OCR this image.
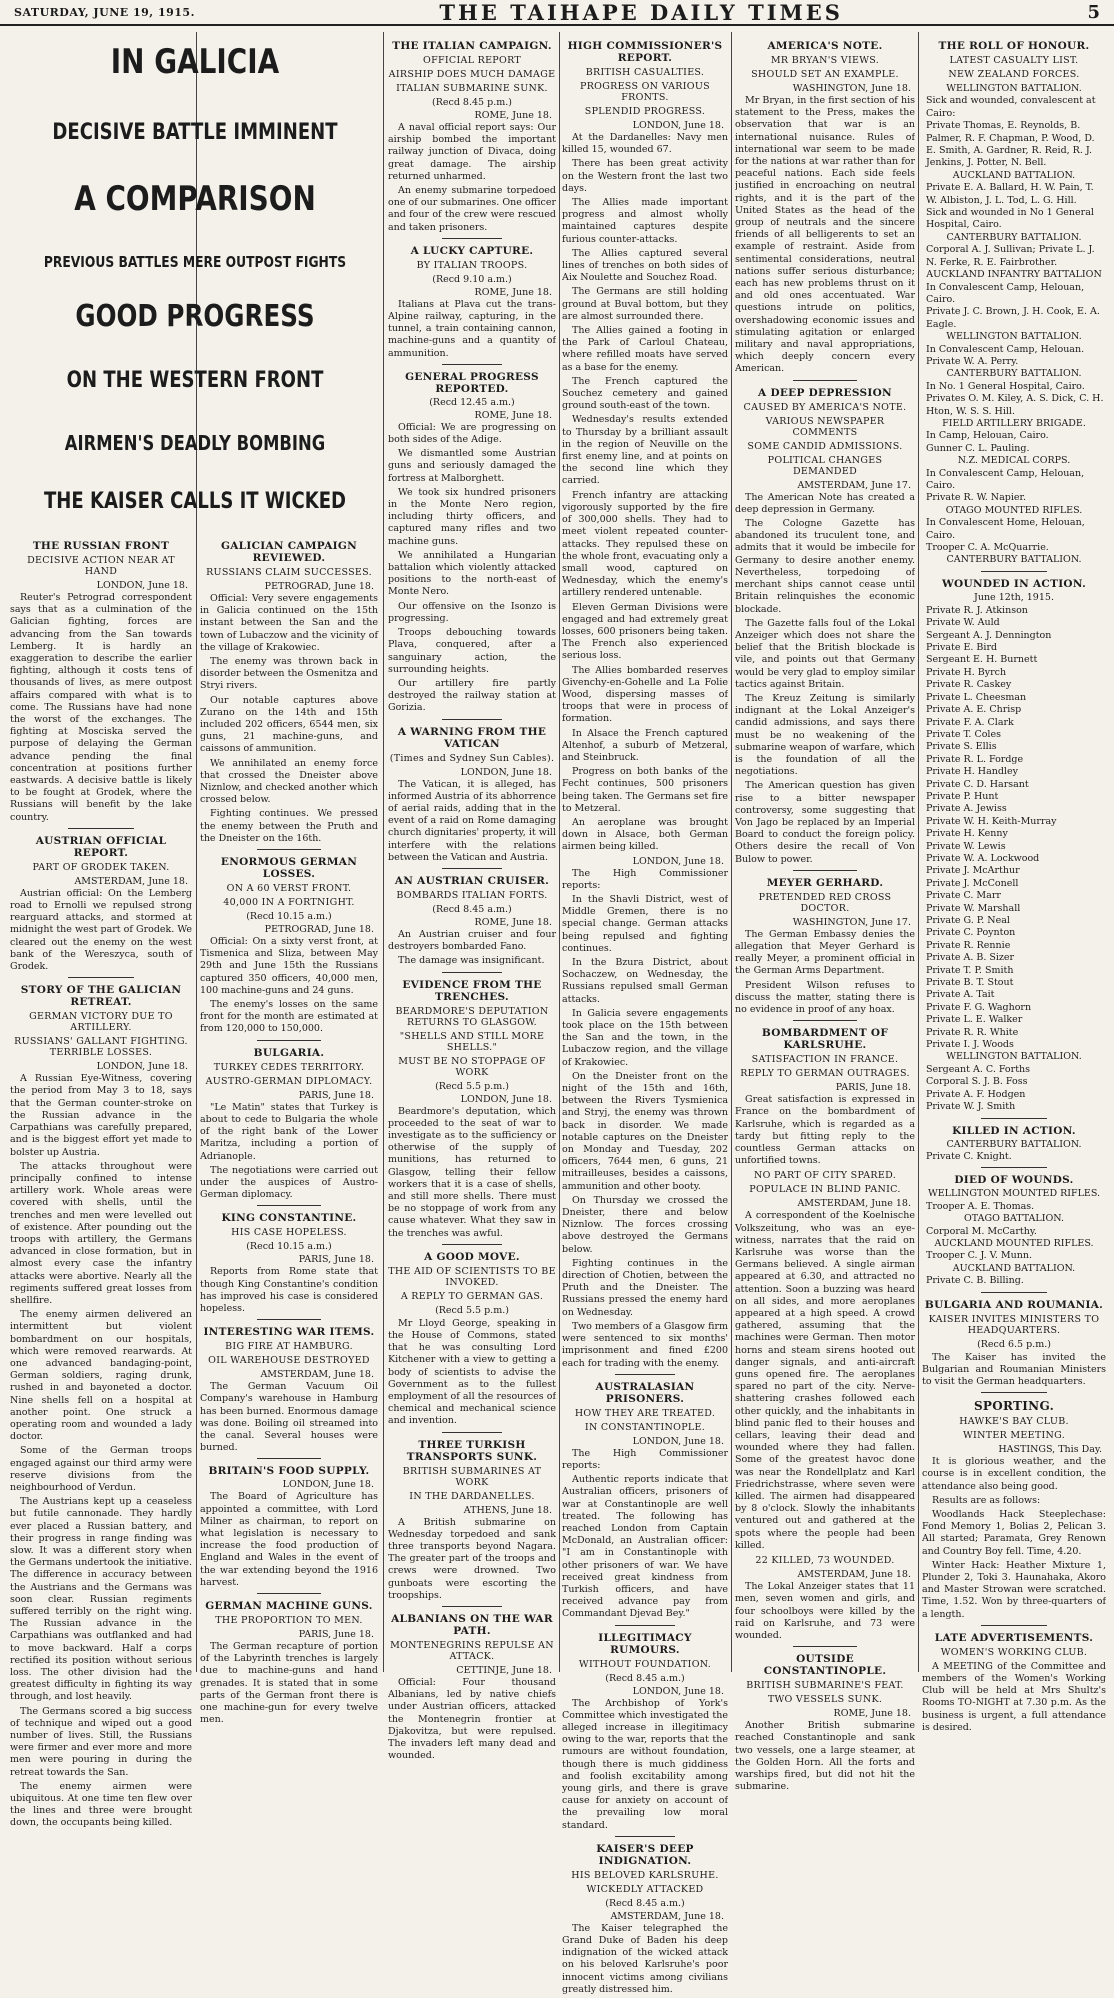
SATURDAY, JUNE 19, 1915.	THE TAIHAPE DAILY TIMES	5
IN GALICIA
DECISIVE BATTLE IMMINENT
A COMPARISON
PREVIOUS BATTLES MERE OUTPOST FIGHTS
GOOD PROGRESS
ON THE WESTERN FRONT
AIRMEN'S DEADLY BOMBING
THE KAISER CALLS IT WICKED
THE RUSSIAN FRONT
DECISIVE ACTION NEAR AT HAND
LONDON, June 18.

Reuter's Petrograd correspondent says that as a culmination of the Galician fighting, forces are advancing from the San towards Lemberg. It is hardly an exaggeration to describe the earlier fighting, although it costs tens of thousands of lives, as mere outpost affairs compared with what is to come. The Russians have had none the worst of the exchanges. The fighting at Mosciska served the purpose of delaying the German advance pending the final concentration at positions further eastwards. A decisive battle is likely to be fought at Grodek, where the Russians will benefit by the lake country.

AUSTRIAN OFFICIAL REPORT.
PART OF GRODEK TAKEN.
AMSTERDAM, June 18.

Austrian official: On the Lemberg road to Ernolli we repulsed strong rearguard attacks, and stormed at midnight the west part of Grodek. We cleared out the enemy on the west bank of the Wereszyca, south of Grodek.

STORY OF THE GALICIAN RETREAT.
GERMAN VICTORY DUE TO ARTILLERY.
RUSSIANS' GALLANT FIGHTING. TERRIBLE LOSSES.
LONDON, June 18.

A Russian Eye-Witness, covering the period from May 3 to 18, says that the German counter-stroke on the Russian advance in the Carpathians was carefully prepared, and is the biggest effort yet made to bolster up Austria.

The attacks throughout were principally confined to intense artillery work. Whole areas were covered with shells, until the trenches and men were levelled out of existence. After pounding out the troops with artillery, the Germans advanced in close formation, but in almost every case the infantry attacks were abortive. Nearly all the regiments suffered great losses from shellfire.

The enemy airmen delivered an intermittent but violent bombardment on our hospitals, which were removed rearwards. At one advanced bandaging-point, German soldiers, raging drunk, rushed in and bayoneted a doctor. Nine shells fell on a hospital at another point. One struck a operating room and wounded a lady doctor.

Some of the German troops engaged against our third army were reserve divisions from the neighbourhood of Verdun.

The Austrians kept up a ceaseless but futile cannonade. They hardly ever placed a Russian battery, and their progress in range finding was slow. It was a different story when the Germans undertook the initiative. The difference in accuracy between the Austrians and the Germans was soon clear. Russian regiments suffered terribly on the right wing. The Russian advance in the Carpathians was outflanked and had to move backward. Half a corps rectified its position without serious loss. The other division had the greatest difficulty in fighting its way through, and lost heavily.

The Germans scored a big success of technique and wiped out a good number of lives. Still, the Russians were firmer and ever more and more men were pouring in during the retreat towards the San.

The enemy airmen were ubiquitous. At one time ten flew over the lines and three were brought down, the occupants being killed.

GALICIAN CAMPAIGN REVIEWED.
RUSSIANS CLAIM SUCCESSES.
PETROGRAD, June 18.

Official: Very severe engagements in Galicia continued on the 15th instant between the San and the town of Lubaczow and the vicinity of the village of Krakowiec.

The enemy was thrown back in disorder between the Osmenitza and Stryi rivers.

Our notable captures above Zurano on the 14th and 15th included 202 officers, 6544 men, six guns, 21 machine-guns, and caissons of ammunition.

We annihilated an enemy force that crossed the Dneister above Niznlow, and checked another which crossed below.

Fighting continues. We pressed the enemy between the Pruth and the Dneister on the 16th.

ENORMOUS GERMAN LOSSES.
ON A 60 VERST FRONT.
40,000 IN A FORTNIGHT.
(Recd 10.15 a.m.)
PETROGRAD, June 18.

Official: On a sixty verst front, at Tismenica and Sliza, between May 29th and June 15th the Russians captured 350 officers, 40,000 men, 100 machine-guns and 24 guns.

The enemy's losses on the same front for the month are estimated at from 120,000 to 150,000.

BULGARIA.
TURKEY CEDES TERRITORY.
AUSTRO-GERMAN DIPLOMACY.
PARIS, June 18.

"Le Matin" states that Turkey is about to cede to Bulgaria the whole of the right bank of the Lower Maritza, including a portion of Adrianople.

The negotiations were carried out under the auspices of Austro-German diplomacy.

KING CONSTANTINE.
HIS CASE HOPELESS.
(Recd 10.15 a.m.)
PARIS, June 18.

Reports from Rome state that though King Constantine's condition has improved his case is considered hopeless.

INTERESTING WAR ITEMS.
BIG FIRE AT HAMBURG.
OIL WAREHOUSE DESTROYED
AMSTERDAM, June 18.

The German Vacuum Oil Company's warehouse in Hamburg has been burned. Enormous damage was done. Boiling oil streamed into the canal. Several houses were burned.

BRITAIN'S FOOD SUPPLY.
LONDON, June 18.

The Board of Agriculture has appointed a committee, with Lord Milner as chairman, to report on what legislation is necessary to increase the food production of England and Wales in the event of the war extending beyond the 1916 harvest.

GERMAN MACHINE GUNS.
THE PROPORTION TO MEN.
PARIS, June 18.

The German recapture of portion of the Labyrinth trenches is largely due to machine-guns and hand grenades. It is stated that in some parts of the German front there is one machine-gun for every twelve men.

THE ITALIAN CAMPAIGN.
OFFICIAL REPORT
AIRSHIP DOES MUCH DAMAGE
ITALIAN SUBMARINE SUNK.
(Recd 8.45 p.m.)
ROME, June 18.

A naval official report says: Our airship bombed the important railway junction of Divaca, doing great damage. The airship returned unharmed.

An enemy submarine torpedoed one of our submarines. One officer and four of the crew were rescued and taken prisoners.

A LUCKY CAPTURE.
BY ITALIAN TROOPS.
(Recd 9.10 a.m.)
ROME, June 18.

Italians at Plava cut the trans-Alpine railway, capturing, in the tunnel, a train containing cannon, machine-guns and a quantity of ammunition.

GENERAL PROGRESS REPORTED.
(Recd 12.45 a.m.)
ROME, June 18.

Official: We are progressing on both sides of the Adige.

We dismantled some Austrian guns and seriously damaged the fortress at Malborghett.

We took six hundred prisoners in the Monte Nero region, including thirty officers, and captured many rifles and two machine guns.

We annihilated a Hungarian battalion which violently attacked positions to the north-east of Monte Nero.

Our offensive on the Isonzo is progressing.

Troops debouching towards Plava, conquered, after a sanguinary action, the surrounding heights.

Our artillery fire partly destroyed the railway station at Gorizia.

A WARNING FROM THE VATICAN
(Times and Sydney Sun Cables).
LONDON, June 18.

The Vatican, it is alleged, has informed Austria of its abhorrence of aerial raids, adding that in the event of a raid on Rome damaging church dignitaries' property, it will interfere with the relations between the Vatican and Austria.

AN AUSTRIAN CRUISER.
BOMBARDS ITALIAN FORTS.
(Recd 8.45 a.m.)
ROME, June 18.

An Austrian cruiser and four destroyers bombarded Fano.

The damage was insignificant.

EVIDENCE FROM THE TRENCHES.
BEARDMORE'S DEPUTATION RETURNS TO GLASGOW.
"SHELLS AND STILL MORE SHELLS."
MUST BE NO STOPPAGE OF WORK
(Recd 5.5 p.m.)
LONDON, June 18.

Beardmore's deputation, which proceeded to the seat of war to investigate as to the sufficiency or otherwise of the supply of munitions, has returned to Glasgow, telling their fellow workers that it is a case of shells, and still more shells. There must be no stoppage of work from any cause whatever. What they saw in the trenches was awful.

A GOOD MOVE.
THE AID OF SCIENTISTS TO BE INVOKED.
A REPLY TO GERMAN GAS.
(Recd 5.5 p.m.)

Mr Lloyd George, speaking in the House of Commons, stated that he was consulting Lord Kitchener with a view to getting a body of scientists to advise the Government as to the fullest employment of all the resources of chemical and mechanical science and invention.

THREE TURKISH TRANSPORTS SUNK.
BRITISH SUBMARINES AT WORK
IN THE DARDANELLES.
ATHENS, June 18.

A British submarine on Wednesday torpedoed and sank three transports beyond Nagara. The greater part of the troops and crews were drowned. Two gunboats were escorting the troopships.

ALBANIANS ON THE WAR PATH.
MONTENEGRINS REPULSE AN ATTACK.
CETTINJE, June 18.

Official: Four thousand Albanians, led by native chiefs under Austrian officers, attacked the Montenegrin frontier at Djakovitza, but were repulsed. The invaders left many dead and wounded.

HIGH COMMISSIONER'S REPORT.
BRITISH CASUALTIES.
PROGRESS ON VARIOUS FRONTS.
SPLENDID PROGRESS.
LONDON, June 18.

At the Dardanelles: Navy men killed 15, wounded 67.

There has been great activity on the Western front the last two days.

The Allies made important progress and almost wholly maintained captures despite furious counter-attacks.

The Allies captured several lines of trenches on both sides of Aix Noulette and Souchez Road.

The Germans are still holding ground at Buval bottom, but they are almost surrounded there.

The Allies gained a footing in the Park of Carloul Chateau, where refilled moats have served as a base for the enemy.

The French captured the Souchez cemetery and gained ground south-east of the town.

Wednesday's results extended to Thursday by a brilliant assault in the region of Neuville on the first enemy line, and at points on the second line which they carried.

French infantry are attacking vigorously supported by the fire of 300,000 shells. They had to meet violent repeated counter-attacks. They repulsed these on the whole front, evacuating only a small wood, captured on Wednesday, which the enemy's artillery rendered untenable.

Eleven German Divisions were engaged and had extremely great losses, 600 prisoners being taken. The French also experienced serious loss.

The Allies bombarded reserves Givenchy-en-Gohelle and La Folie Wood, dispersing masses of troops that were in process of formation.

In Alsace the French captured Altenhof, a suburb of Metzeral, and Steinbruck.

Progress on both banks of the Fecht continues, 500 prisoners being taken. The Germans set fire to Metzeral.

An aeroplane was brought down in Alsace, both German airmen being killed.

LONDON, June 18.

The High Commissioner reports:

In the Shavli District, west of Middle Gremen, there is no special change. German attacks being repulsed and fighting continues.

In the Bzura District, about Sochaczew, on Wednesday, the Russians repulsed small German attacks.

In Galicia severe engagements took place on the 15th between the San and the town, in the Lubaczow region, and the village of Krakowiec.

On the Dneister front on the night of the 15th and 16th, between the Rivers Tysmienica and Stryj, the enemy was thrown back in disorder. We made notable captures on the Dneister on Monday and Tuesday, 202 officers, 7644 men, 6 guns, 21 mitrailleuses, besides a caissons, ammunition and other booty.

On Thursday we crossed the Dneister, there and below Niznlow. The forces crossing above destroyed the Germans below.

Fighting continues in the direction of Chotien, between the Pruth and the Dneister. The Russians pressed the enemy hard on Wednesday.

Two members of a Glasgow firm were sentenced to six months' imprisonment and fined £200 each for trading with the enemy.

AUSTRALASIAN PRISONERS.
HOW THEY ARE TREATED.
IN CONSTANTINOPLE.
LONDON, June 18.

The High Commissioner reports:

Authentic reports indicate that Australian officers, prisoners of war at Constantinople are well treated. The following has reached London from Captain McDonald, an Australian officer: "I am in Constantinople with other prisoners of war. We have received great kindness from Turkish officers, and have received advance pay from Commandant Djevad Bey."

ILLEGITIMACY RUMOURS.
WITHOUT FOUNDATION.
(Recd 8.45 a.m.)
LONDON, June 18.

The Archbishop of York's Committee which investigated the alleged increase in illegitimacy owing to the war, reports that the rumours are without foundation, though there is much giddiness and foolish excitability among young girls, and there is grave cause for anxiety on account of the prevailing low moral standard.

KAISER'S DEEP INDIGNATION.
HIS BELOVED KARLSRUHE.
WICKEDLY ATTACKED
(Recd 8.45 a.m.)
AMSTERDAM, June 18.

The Kaiser telegraphed the Grand Duke of Baden his deep indignation of the wicked attack on his beloved Karlsruhe's poor innocent victims among civilians greatly distressed him.

AMERICA'S NOTE.
MR BRYAN'S VIEWS.
SHOULD SET AN EXAMPLE.
WASHINGTON, June 18.

Mr Bryan, in the first section of his statement to the Press, makes the observation that war is an international nuisance. Rules of international war seem to be made for the nations at war rather than for peaceful nations. Each side feels justified in encroaching on neutral rights, and it is the part of the United States as the head of the group of neutrals and the sincere friends of all belligerents to set an example of restraint. Aside from sentimental considerations, neutral nations suffer serious disturbance; each has new problems thrust on it and old ones accentuated. War questions intrude on politics, overshadowing economic issues and stimulating agitation or enlarged military and naval appropriations, which deeply concern every American.

A DEEP DEPRESSION
CAUSED BY AMERICA'S NOTE.
VARIOUS NEWSPAPER COMMENTS
SOME CANDID ADMISSIONS.
POLITICAL CHANGES DEMANDED
AMSTERDAM, June 17.

The American Note has created a deep depression in Germany.

The Cologne Gazette has abandoned its truculent tone, and admits that it would be imbecile for Germany to desire another enemy. Nevertheless, torpedoing of merchant ships cannot cease until Britain relinquishes the economic blockade.

The Gazette falls foul of the Lokal Anzeiger which does not share the belief that the British blockade is vile, and points out that Germany would be very glad to employ similar tactics against Britain.

The Kreuz Zeitung is similarly indignant at the Lokal Anzeiger's candid admissions, and says there must be no weakening of the submarine weapon of warfare, which is the foundation of all the negotiations.

The American question has given rise to a bitter newspaper controversy, some suggesting that Von Jago be replaced by an Imperial Board to conduct the foreign policy. Others desire the recall of Von Bulow to power.

MEYER GERHARD.
PRETENDED RED CROSS DOCTOR.
WASHINGTON, June 17.

The German Embassy denies the allegation that Meyer Gerhard is really Meyer, a prominent official in the German Arms Department.

President Wilson refuses to discuss the matter, stating there is no evidence in proof of any hoax.

BOMBARDMENT OF KARLSRUHE.
SATISFACTION IN FRANCE.
REPLY TO GERMAN OUTRAGES.
PARIS, June 18.

Great satisfaction is expressed in France on the bombardment of Karlsruhe, which is regarded as a tardy but fitting reply to the countless German attacks on unfortified towns.

NO PART OF CITY SPARED.
POPULACE IN BLIND PANIC.
AMSTERDAM, June 18.

A correspondent of the Koelnische Volkszeitung, who was an eye-witness, narrates that the raid on Karlsruhe was worse than the Germans believed. A single airman appeared at 6.30, and attracted no attention. Soon a buzzing was heard on all sides, and more aeroplanes appeared at a high speed. A crowd gathered, assuming that the machines were German. Then motor horns and steam sirens hooted out danger signals, and anti-aircraft guns opened fire. The aeroplanes spared no part of the city. Nerve-shattering crashes followed each other quickly, and the inhabitants in blind panic fled to their houses and cellars, leaving their dead and wounded where they had fallen. Some of the greatest havoc done was near the Rondellplatz and Karl Friedrichstrasse, where seven were killed. The airmen had disappeared by 8 o'clock. Slowly the inhabitants ventured out and gathered at the spots where the people had been killed.

22 KILLED, 73 WOUNDED.
AMSTERDAM, June 18.

The Lokal Anzeiger states that 11 men, seven women and girls, and four schoolboys were killed by the raid on Karlsruhe, and 73 were wounded.

OUTSIDE CONSTANTINOPLE.
BRITISH SUBMARINE'S FEAT.
TWO VESSELS SUNK.
ROME, June 18.

Another British submarine reached Constantinople and sank two vessels, one a large steamer, at the Golden Horn. All the forts and warships fired, but did not hit the submarine.

THE ROLL OF HONOUR.
LATEST CASUALTY LIST.
NEW ZEALAND FORCES.
WELLINGTON BATTALION.
Sick and wounded, convalescent at Cairo:
Private Thomas, E. Reynolds, B. Palmer, R. F. Chapman, P. Wood, D. E. Smith, A. Gardner, R. Reid, R. J. Jenkins, J. Potter, N. Bell.
AUCKLAND BATTALION.
Private E. A. Ballard, H. W. Pain, T. W. Albiston, J. L. Tod, L. G. Hill.
Sick and wounded in No 1 General Hospital, Cairo.
CANTERBURY BATTALION.
Corporal A. J. Sullivan; Private L. J. N. Ferke, R. E. Fairbrother.
AUCKLAND INFANTRY BATTALION
In Convalescent Camp, Helouan, Cairo.
Private J. C. Brown, J. H. Cook, E. A. Eagle.
WELLINGTON BATTALION.
In Convalescent Camp, Helouan.
Private W. A. Perry.
CANTERBURY BATTALION.
In No. 1 General Hospital, Cairo.
Privates O. M. Kiley, A. S. Dick, C. H. Hton, W. S. S. Hill.
FIELD ARTILLERY BRIGADE.
In Camp, Helouan, Cairo.
Gunner C. L. Pauling.
N.Z. MEDICAL CORPS.
In Convalescent Camp, Helouan, Cairo.
Private R. W. Napier.
OTAGO MOUNTED RIFLES.
In Convalescent Home, Helouan, Cairo.
Trooper C. A. McQuarrie.
CANTERBURY BATTALION.
WOUNDED IN ACTION.
June 12th, 1915.
Private R. J. Atkinson
Private W. Auld
Sergeant A. J. Dennington
Private E. Bird
Sergeant E. H. Burnett
Private H. Byrch
Private R. Caskey
Private L. Cheesman
Private A. E. Chrisp
Private F. A. Clark
Private T. Coles
Private S. Ellis
Private R. L. Fordge
Private H. Handley
Private C. D. Harsant
Private P. Hunt
Private A. Jewiss
Private W. H. Keith-Murray
Private H. Kenny
Private W. Lewis
Private W. A. Lockwood
Private J. McArthur
Private J. McConell
Private C. Marr
Private W. Marshall
Private G. P. Neal
Private C. Poynton
Private R. Rennie
Private A. B. Sizer
Private T. P. Smith
Private B. T. Stout
Private A. Tait
Private F. G. Waghorn
Private L. E. Walker
Private R. R. White
Private I. J. Woods
WELLINGTON BATTALION.
Sergeant A. C. Forths
Corporal S. J. B. Foss
Private A. F. Hodgen
Private W. J. Smith
KILLED IN ACTION.
CANTERBURY BATTALION.
Private C. Knight.
DIED OF WOUNDS.
WELLINGTON MOUNTED RIFLES.
Trooper A. E. Thomas.
OTAGO BATTALION.
Corporal M. McCarthy.
AUCKLAND MOUNTED RIFLES.
Trooper C. J. V. Munn.
AUCKLAND BATTALION.
Private C. B. Billing.
BULGARIA AND ROUMANIA.
KAISER INVITES MINISTERS TO HEADQUARTERS.
(Recd 6.5 p.m.)

The Kaiser has invited the Bulgarian and Roumanian Ministers to visit the German headquarters.

SPORTING.
HAWKE'S BAY CLUB.
WINTER MEETING.
HASTINGS, This Day.

It is glorious weather, and the course is in excellent condition, the attendance also being good.

Results are as follows:

Woodlands Hack Steeplechase: Fond Memory 1, Bolias 2, Pelican 3. All started; Paramata, Grey Renown and Country Boy fell. Time, 4.20.

Winter Hack: Heather Mixture 1, Plunder 2, Toki 3. Haunahaka, Akoro and Master Strowan were scratched. Time, 1.52. Won by three-quarters of a length.

LATE ADVERTISEMENTS.
WOMEN'S WORKING CLUB.

A MEETING of the Committee and members of the Women's Working Club will be held at Mrs Shultz's Rooms TO-NIGHT at 7.30 p.m. As the business is urgent, a full attendance is desired.
